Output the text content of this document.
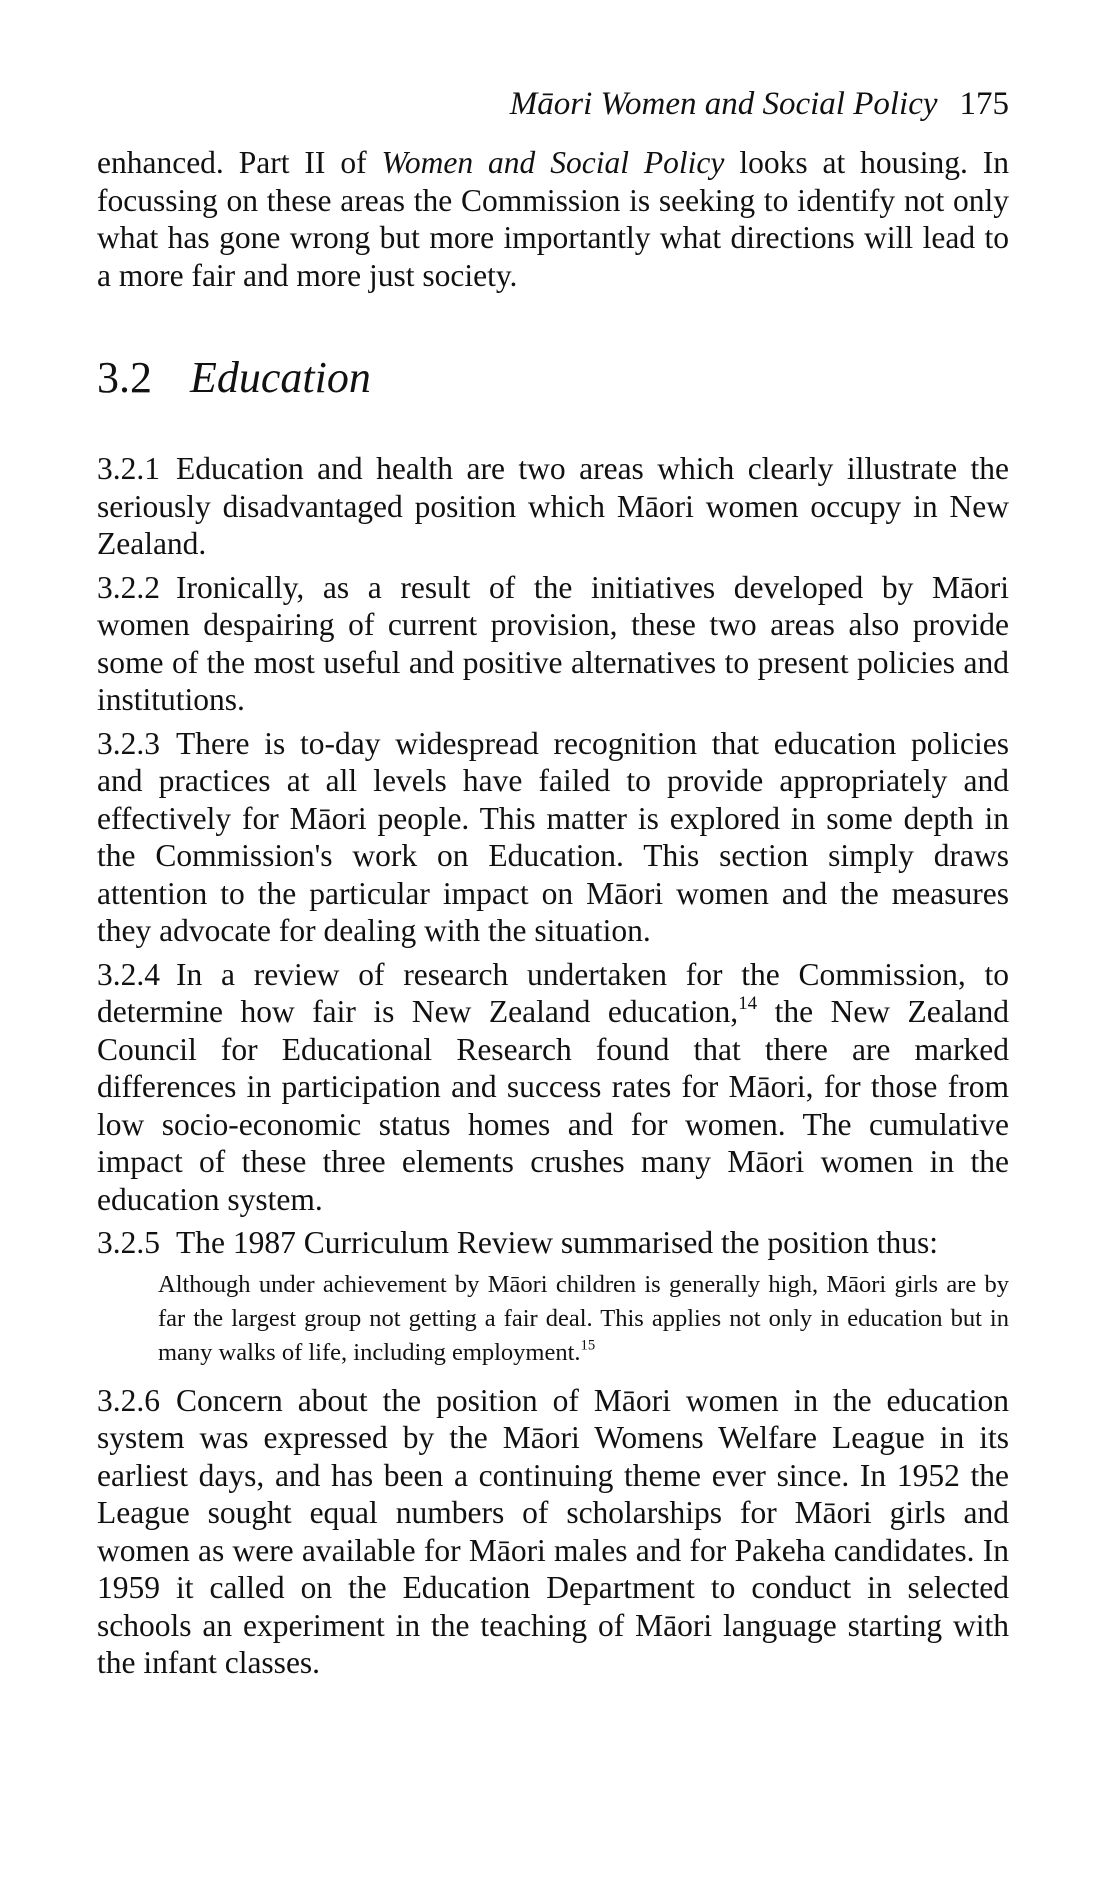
Māori Women and Social Policy 175

enhanced. Part II of Women and Social Policy looks at housing. In focussing on these areas the Commission is seeking to identify not only what has gone wrong but more importantly what directions will lead to a more fair and more just society.

3.2 Education

3.2.1 Education and health are two areas which clearly illustrate the seriously disadvantaged position which Māori women occupy in New Zealand.

3.2.2 Ironically, as a result of the initiatives developed by Māori women despairing of current provision, these two areas also provide some of the most useful and positive alternatives to present policies and institutions.

3.2.3 There is to-day widespread recognition that education policies and practices at all levels have failed to provide appropriately and effectively for Māori people. This matter is explored in some depth in the Commission's work on Education. This section simply draws attention to the particular impact on Māori women and the measures they advocate for dealing with the situation.

3.2.4 In a review of research undertaken for the Commission, to determine how fair is New Zealand education,$^{14}$ the New Zealand Council for Educational Research found that there are marked differences in participation and success rates for Māori, for those from low socio-economic status homes and for women. The cumulative impact of these three elements crushes many Māori women in the education system.

3.2.5 The 1987 Curriculum Review summarised the position thus:

Although under achievement by Māori children is generally high, Māori girls are by far the largest group not getting a fair deal. This applies not only in education but in many walks of life, including employment.$^{15}$

3.2.6 Concern about the position of Māori women in the education system was expressed by the Māori Womens Welfare League in its earliest days, and has been a continuing theme ever since. In 1952 the League sought equal numbers of scholarships for Māori girls and women as were available for Māori males and for Pakeha candidates. In 1959 it called on the Education Department to conduct in selected schools an experiment in the teaching of Māori language starting with the infant classes.
